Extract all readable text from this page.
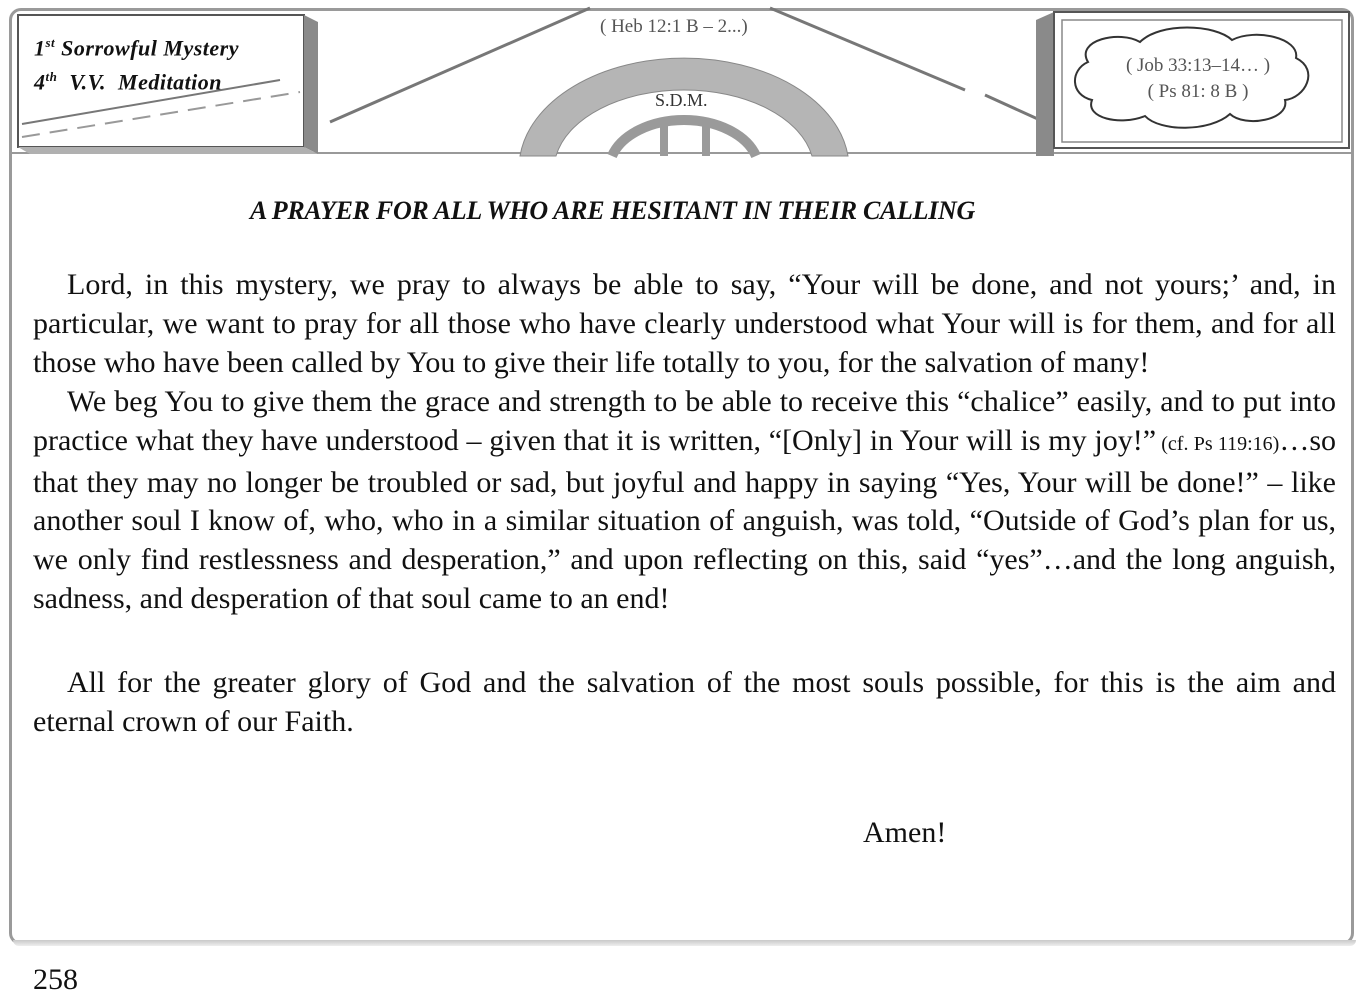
1st Sorrowful Mystery
4th  V.V.  Meditation
( Heb 12:1 B – 2...)
S.D.M.
( Job 33:13–14… )
( Ps 81: 8 B )
A PRAYER FOR ALL WHO ARE HESITANT IN THEIR CALLING

Lord, in this mystery, we pray to always be able to say, “Your will be done, and not yours;’ and, in particular, we want to pray for all those who have clearly understood what Your will is for them, and for all those who have been called by You to give their life totally to you, for the salvation of many!

We beg You to give them the grace and strength to be able to receive this “chalice” easily, and to put into practice what they have understood – given that it is written, “[Only] in Your will is my joy!” (cf. Ps 119:16)…so that they may no longer be troubled or sad, but joyful and happy in saying “Yes, Your will be done!” – like another soul I know of, who, who in a similar situation of anguish, was told, “Outside of God’s plan for us, we only find restlessness and desperation,” and upon reflecting on this, said “yes”…and the long anguish, sadness, and desperation of that soul came to an end!

All for the greater glory of God and the salvation of the most souls possible, for this is the aim and eternal crown of our Faith.

Amen!
258
